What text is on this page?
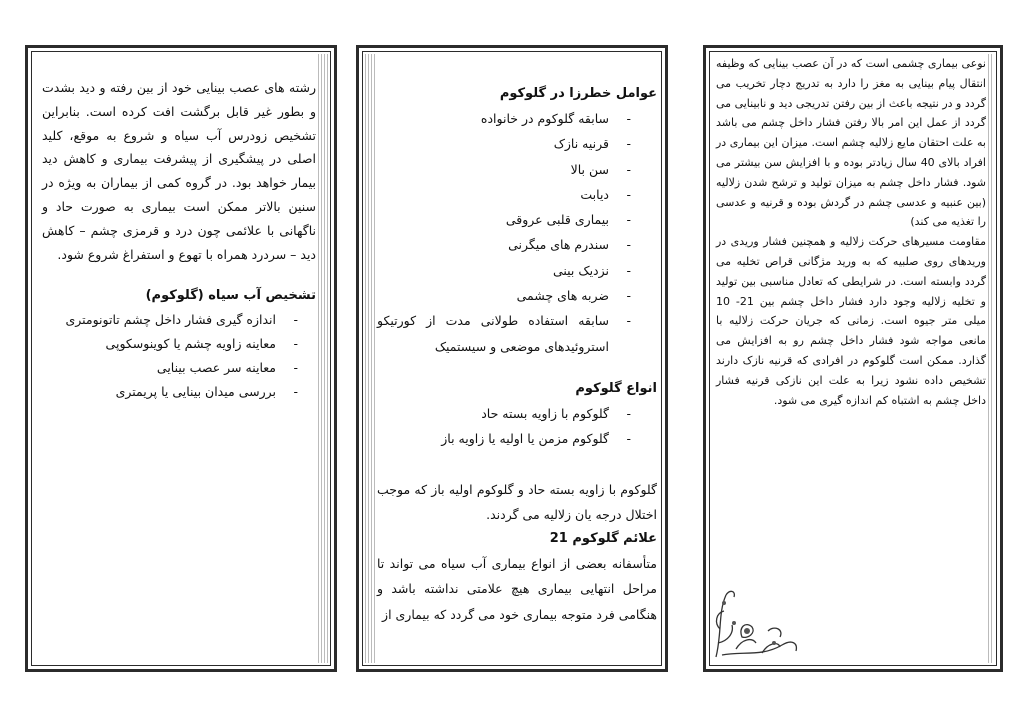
رشته های عصب بینایی خود از بین رفته و دید بشدت و بطور غیر قابل برگشت افت کرده است. بنابراین تشخیص زودرس آب سیاه و شروع به موقع، کلید اصلی در پیشگیری از پیشرفت بیماری و کاهش دید بیمار خواهد بود. در گروه کمی از بیماران به ویژه در سنین بالاتر ممکن است بیماری به صورت حاد و ناگهانی با علائمی چون درد و قرمزی چشم – کاهش دید – سردرد همراه با تهوع و استفراغ شروع شود.

تشخیص آب سیاه (گلوکوم)
- اندازه گیری فشار داخل چشم تاتونومتری
- معاینه زاویه چشم یا کوینوسکوپی
- معاینه سر عصب بینایی
- بررسی میدان بینایی یا پریمتری
عوامل خطرزا در گلوکوم
- سابقه گلوکوم در خانواده
- قرنیه نازک
- سن بالا
- دیابت
- بیماری قلبی عروقی
- سندرم های میگرنی
- نزدیک بینی
- ضربه های چشمی
- سابقه استفاده طولانی مدت از کورتیکو استروئیدهای موضعی و سیستمیک
انواع گلوکوم
- گلوکوم با زاویه بسته حاد
- گلوکوم مزمن یا اولیه یا زاویه باز

گلوکوم با زاویه بسته حاد و گلوکوم اولیه باز که موجب اختلال درجه یان زلالیه می گردند.

علائم گلوکوم 21

متأسفانه بعضی از انواع بیماری آب سیاه می تواند تا مراحل انتهایی بیماری هیچ علامتی نداشته باشد و هنگامی فرد متوجه بیماری خود می گردد که بیماری از

نوعی بیماری چشمی است که در آن عصب بینایی که وظیفه انتقال پیام بینایی به مغز را دارد به تدریج دچار تخریب می گردد و در نتیجه باعث از بین رفتن تدریجی دید و نابینایی می گردد از عمل این امر بالا رفتن فشار داخل چشم می باشد به علت احتقان مایع زلالیه چشم است. میزان این بیماری در افراد بالای 40 سال زیادتر بوده و با افزایش سن بیشتر می شود. فشار داخل چشم به میزان تولید و ترشح شدن زلالیه (بین عنبیه و عدسی چشم در گردش بوده و قرنیه و عدسی را تغذیه می کند)

مقاومت مسیرهای حرکت زلالیه و همچنین فشار وریدی در وریدهای روی صلبیه که به ورید مژگانی قراص تخلیه می گردد وابسته است. در شرایطی که تعادل مناسبی بین تولید و تخلیه زلالیه وجود دارد فشار داخل چشم بین 21- 10 میلی متر جیوه است. زمانی که جریان حرکت زلالیه با مانعی مواجه شود فشار داخل چشم رو به افزایش می گذارد. ممکن است گلوکوم در افرادی که قرنیه نازک دارند تشخیص داده نشود زیرا به علت این نازکی قرنیه فشار داخل چشم به اشتباه کم اندازه گیری می شود.
